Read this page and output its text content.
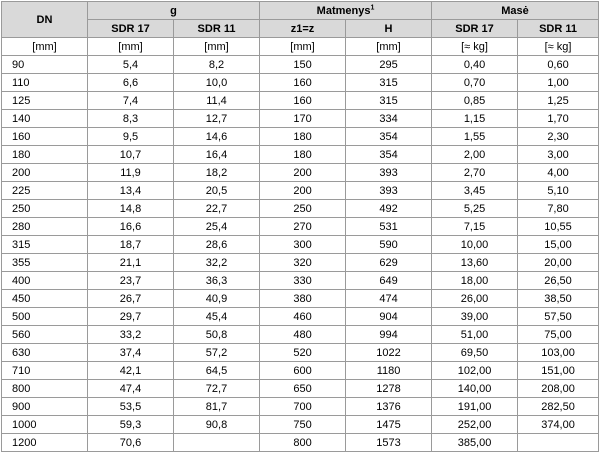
DN	g		Matmenys$^1$		Masė	
	SDR 17	SDR 11	z1=z	H	SDR 17	SDR 11
[mm]	[mm]	[mm]	[mm]	[mm]	[≈ kg]	[≈ kg]
90	5,4	8,2	150	295	0,40	0,60
110	6,6	10,0	160	315	0,70	1,00
125	7,4	11,4	160	315	0,85	1,25
140	8,3	12,7	170	334	1,15	1,70
160	9,5	14,6	180	354	1,55	2,30
180	10,7	16,4	180	354	2,00	3,00
200	11,9	18,2	200	393	2,70	4,00
225	13,4	20,5	200	393	3,45	5,10
250	14,8	22,7	250	492	5,25	7,80
280	16,6	25,4	270	531	7,15	10,55
315	18,7	28,6	300	590	10,00	15,00
355	21,1	32,2	320	629	13,60	20,00
400	23,7	36,3	330	649	18,00	26,50
450	26,7	40,9	380	474	26,00	38,50
500	29,7	45,4	460	904	39,00	57,50
560	33,2	50,8	480	994	51,00	75,00
630	37,4	57,2	520	1022	69,50	103,00
710	42,1	64,5	600	1180	102,00	151,00
800	47,4	72,7	650	1278	140,00	208,00
900	53,5	81,7	700	1376	191,00	282,50
1000	59,3	90,8	750	1475	252,00	374,00
1200	70,6		800	1573	385,00	
